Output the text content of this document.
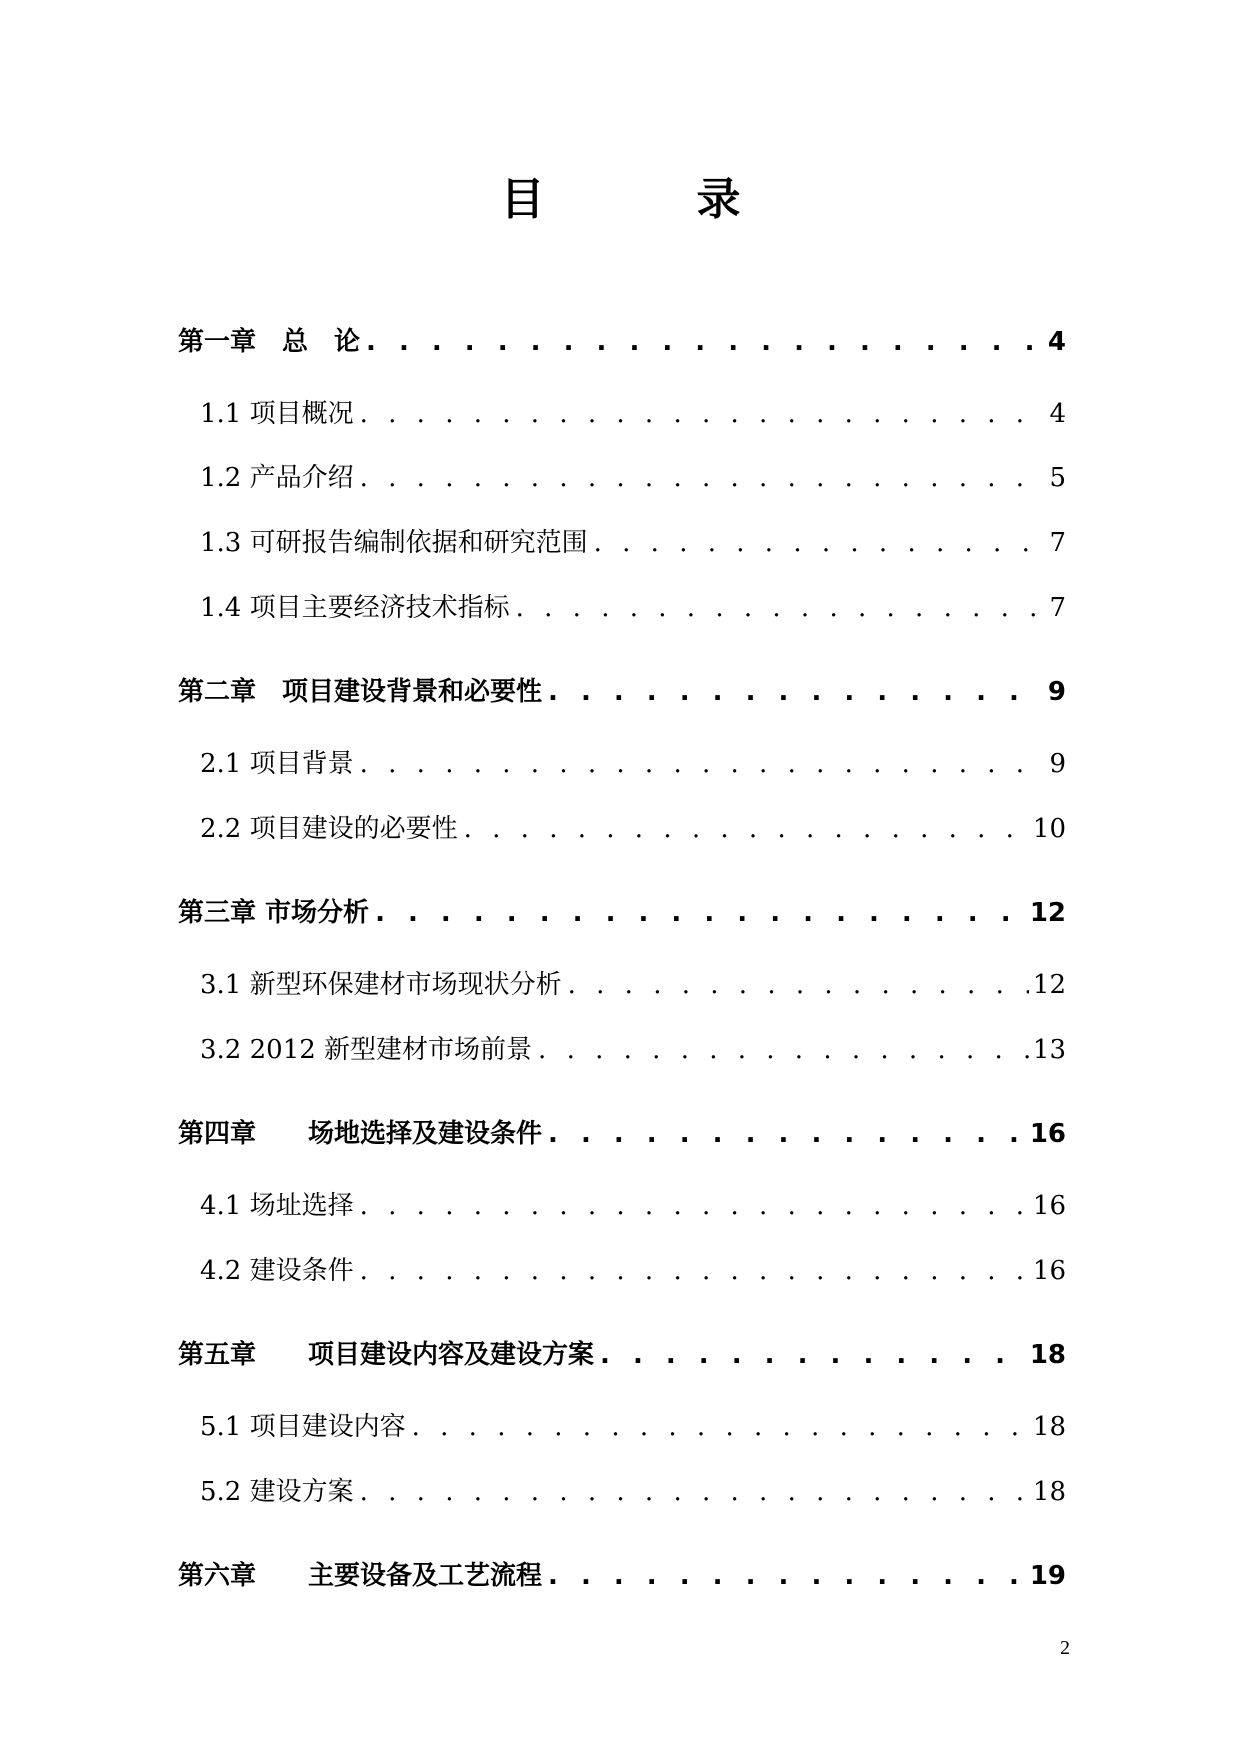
目　录
第一章　总　论 . . .	4
1.1 项目概况 . . .	4
1.2 产品介绍 . . .	5
1.3 可研报告编制依据和研究范围 . . .	7
1.4 项目主要经济技术指标 . . .	7
第二章　项目建设背景和必要性 . . .	9
2.1 项目背景 . . .	9
2.2 项目建设的必要性 . . .	10
第三章 市场分析 . . .	12
3.1 新型环保建材市场现状分析 . . .	12
3.2 2012 新型建材市场前景 . . .	13
第四章　　场地选择及建设条件 . . .	16
4.1 场址选择 . . .	16
4.2 建设条件 . . .	16
第五章　　项目建设内容及建设方案 . . .	18
5.1 项目建设内容 . . .	18
5.2 建设方案 . . .	18
第六章　　主要设备及工艺流程 . . .	19
2
